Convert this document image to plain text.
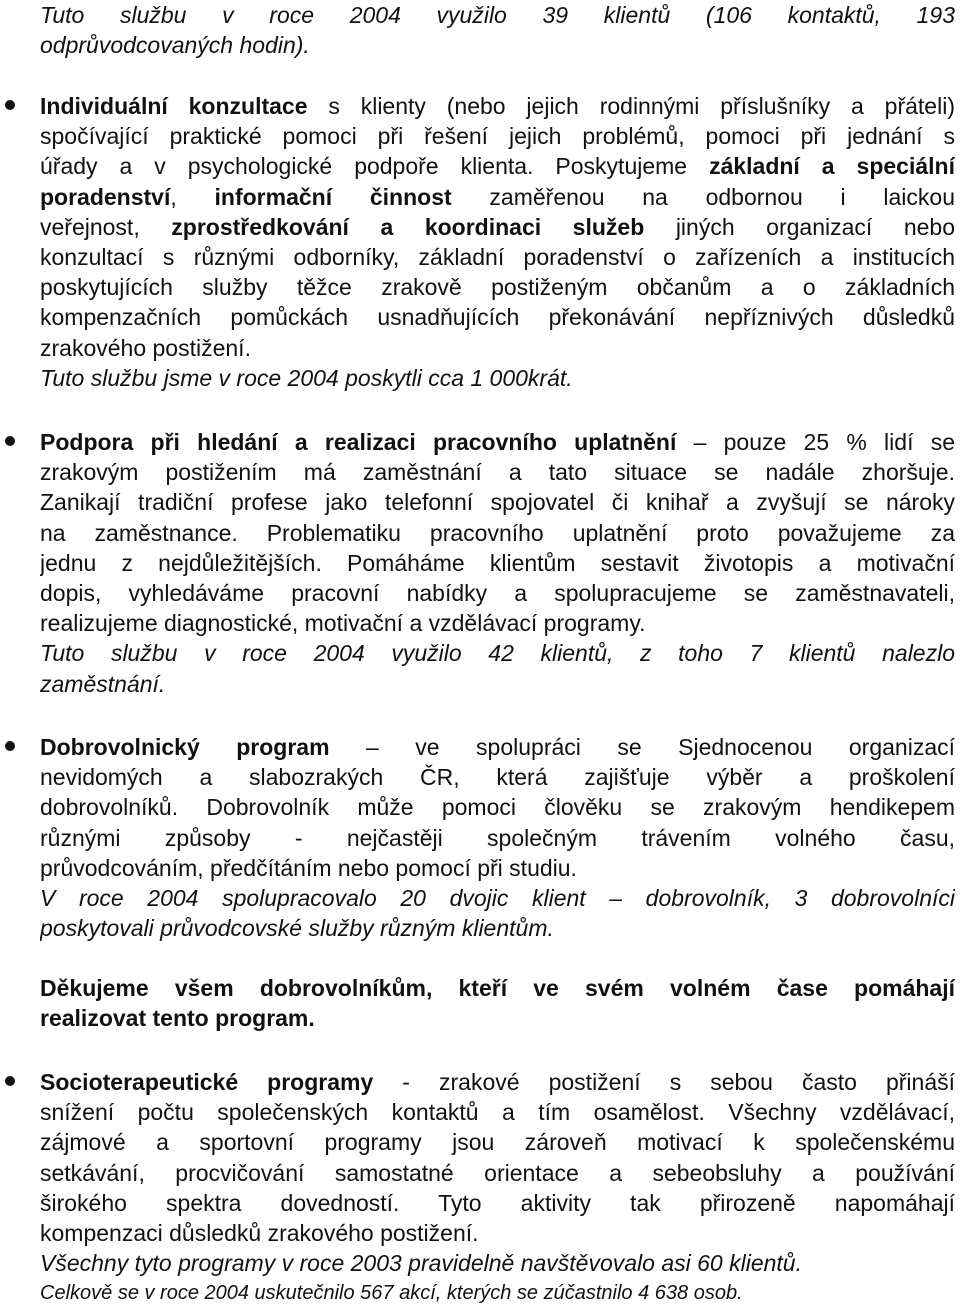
Tuto službu v roce 2004 využilo 39 klientů (106 kontaktů, 193
odprůvodcovaných hodin).
Individuální konzultace s klienty (nebo jejich rodinnými příslušníky a přáteli)
spočívající praktické pomoci při řešení jejich problémů, pomoci při jednání s
úřady a v psychologické podpoře klienta. Poskytujeme základní a speciální
poradenství, informační činnost zaměřenou na odbornou i laickou
veřejnost, zprostředkování a koordinaci služeb jiných organizací nebo
konzultací s různými odborníky, základní poradenství o zařízeních a institucích
poskytujících služby těžce zrakově postiženým občanům a o základních
kompenzačních pomůckách usnadňujících překonávání nepříznivých důsledků
zrakového postižení.
Tuto službu jsme v roce 2004 poskytli cca 1 000krát.
Podpora při hledání a realizaci pracovního uplatnění – pouze 25 % lidí se
zrakovým postižením má zaměstnání a tato situace se nadále zhoršuje.
Zanikají tradiční profese jako telefonní spojovatel či knihař a zvyšují se nároky
na zaměstnance. Problematiku pracovního uplatnění proto považujeme za
jednu z nejdůležitějších. Pomáháme klientům sestavit životopis a motivační
dopis, vyhledáváme pracovní nabídky a spolupracujeme se zaměstnavateli,
realizujeme diagnostické, motivační a vzdělávací programy.
Tuto službu v roce 2004 využilo 42 klientů, z toho 7 klientů nalezlo
zaměstnání.
Dobrovolnický program – ve spolupráci se Sjednocenou organizací
nevidomých a slabozrakých ČR, která zajišťuje výběr a proškolení
dobrovolníků. Dobrovolník může pomoci člověku se zrakovým hendikepem
různými způsoby - nejčastěji společným trávením volného času,
průvodcováním, předčítáním nebo pomocí při studiu.
V roce 2004 spolupracovalo 20 dvojic klient – dobrovolník, 3 dobrovolníci
poskytovali průvodcovské služby různým klientům.
Děkujeme všem dobrovolníkům, kteří ve svém volném čase pomáhají
realizovat tento program.
Socioterapeutické programy - zrakové postižení s sebou často přináší
snížení počtu společenských kontaktů a tím osamělost. Všechny vzdělávací,
zájmové a sportovní programy jsou zároveň motivací k společenskému
setkávání, procvičování samostatné orientace a sebeobsluhy a používání
širokého spektra dovedností. Tyto aktivity tak přirozeně napomáhají
kompenzaci důsledků zrakového postižení.
Všechny tyto programy v roce 2003 pravidelně navštěvovalo asi 60 klientů.
Celkově se v roce 2004 uskutečnilo 567 akcí, kterých se zúčastnilo 4 638 osob.
